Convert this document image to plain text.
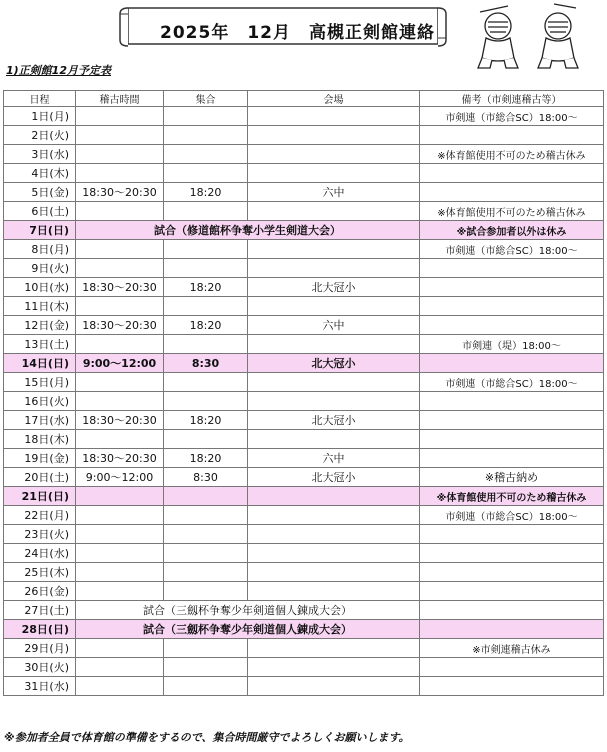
2025年　12月　高槻正剣館連絡
1)正剣館12月予定表
日程	稽古時間	集合	会場	備考（市剣連稽古等）
1日(月)				市剣連（市総合SC）18:00～
2日(火)				
3日(水)				※体育館使用不可のため稽古休み
4日(木)				
5日(金)	18:30～20:30	18:20	六中	
6日(土)				※体育館使用不可のため稽古休み
7日(日)	試合（修道館杯争奪小学生剣道大会）			※試合参加者以外は休み
8日(月)				市剣連（市総合SC）18:00～
9日(火)				
10日(水)	18:30～20:30	18:20	北大冠小	
11日(木)				
12日(金)	18:30～20:30	18:20	六中	
13日(土)				市剣連（堤）18:00～
14日(日)	9:00～12:00	8:30	北大冠小	
15日(月)				市剣連（市総合SC）18:00～
16日(火)				
17日(水)	18:30～20:30	18:20	北大冠小	
18日(木)				
19日(金)	18:30～20:30	18:20	六中	
20日(土)	9:00～12:00	8:30	北大冠小	※稽古納め
21日(日)				※体育館使用不可のため稽古休み
22日(月)				市剣連（市総合SC）18:00～
23日(火)				
24日(水)				
25日(木)				
26日(金)				
27日(土)	試合（三劔杯争奪少年剣道個人錬成大会）			
28日(日)	試合（三劔杯争奪少年剣道個人錬成大会）			
29日(月)				※市剣連稽古休み
30日(火)				
31日(水)				
※参加者全員で体育館の準備をするので、集合時間厳守でよろしくお願いします。
